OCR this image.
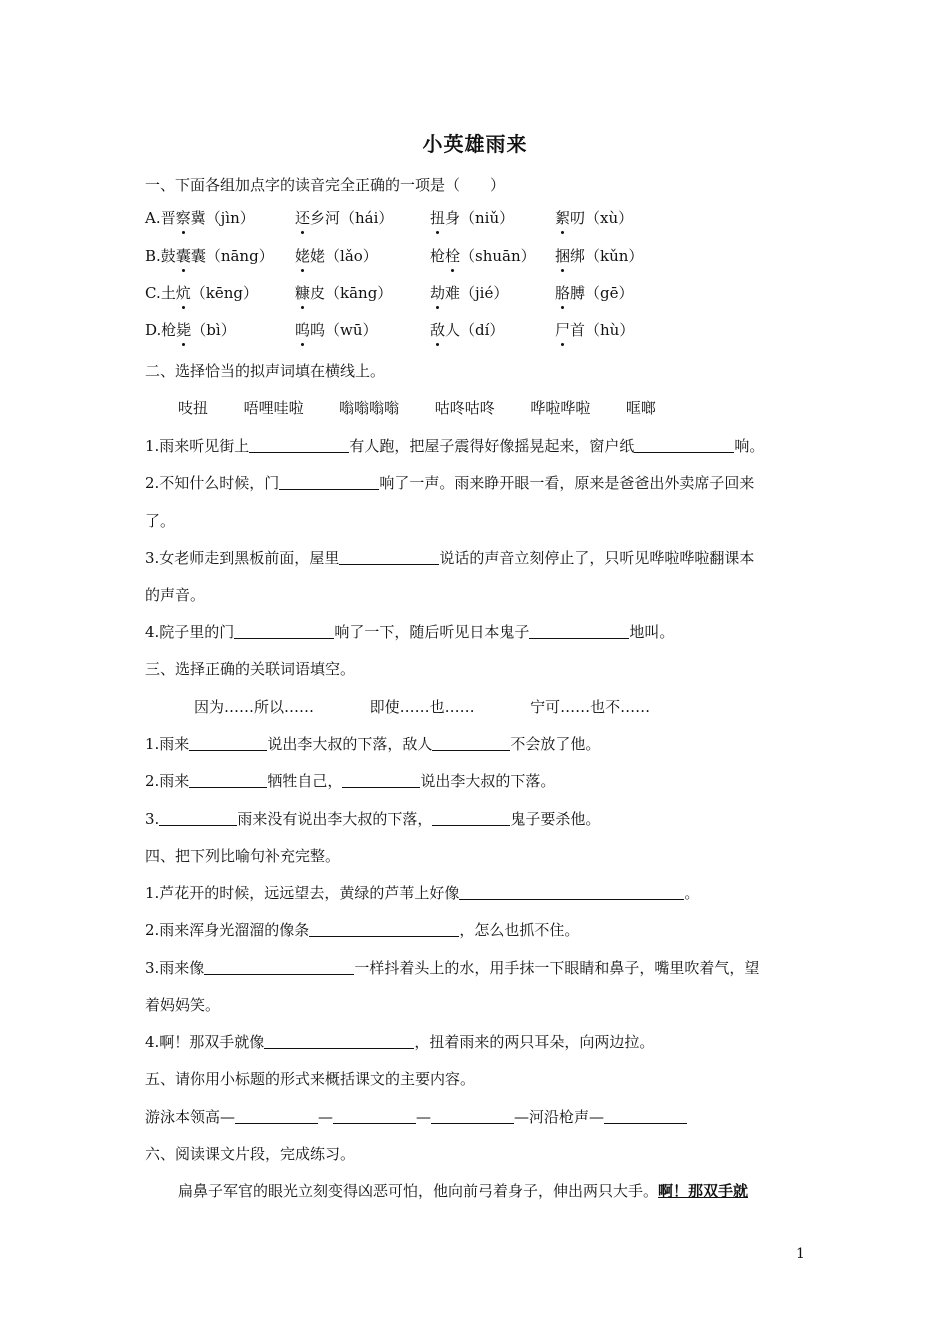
小英雄雨来
一、下面各组加点字的读音完全正确的一项是（　　）
A.晋察冀（jìn）	还乡河（hái） 扭身（niǔ）	絮叨（xù）
B.鼓囊囊（nāng） 姥姥（lǎo）	枪栓（shuān） 捆绑（kǔn）
C.土炕（kēng） 糠皮（kāng）	劫难（jié）	胳膊（gē）
D.枪毙（bì）	呜呜（wū）	敌人（dí）	尸首（hù）
二、选择恰当的拟声词填在横线上。
吱扭 唔哩哇啦 嗡嗡嗡嗡 咕咚咕咚 哗啦哗啦 哐啷
1.雨来听见街上	有人跑，把屋子震得好像摇晃起来，窗户纸	响。
2.不知什么时候，门	响了一声。雨来睁开眼一看，原来是爸爸出外卖席子回来
了。
3.女老师走到黑板前面，屋里	说话的声音立刻停止了，只听见哗啦哗啦翻课本
的声音。
4.院子里的门	响了一下，随后听见日本鬼子	地叫。
三、选择正确的关联词语填空。
因为……所以……	即使……也……	宁可……也不……
1.雨来	说出李大叔的下落，敌人	不会放了他。
2.雨来	牺牲自己，	说出李大叔的下落。
3.	雨来没有说出李大叔的下落，	鬼子要杀他。
四、把下列比喻句补充完整。
1.芦花开的时候，远远望去，黄绿的芦苇上好像	。
2.雨来浑身光溜溜的像条	，怎么也抓不住。
3.雨来像	一样抖着头上的水，用手抹一下眼睛和鼻子，嘴里吹着气，望
着妈妈笑。
4.啊！那双手就像	，扭着雨来的两只耳朵，向两边拉。
五、请你用小标题的形式来概括课文的主要内容。
游泳本领高—	—	—	—河沿枪声—
六、阅读课文片段，完成练习。
扁鼻子军官的眼光立刻变得凶恶可怕，他向前弓着身子，伸出两只大手。啊！那双手就
1
